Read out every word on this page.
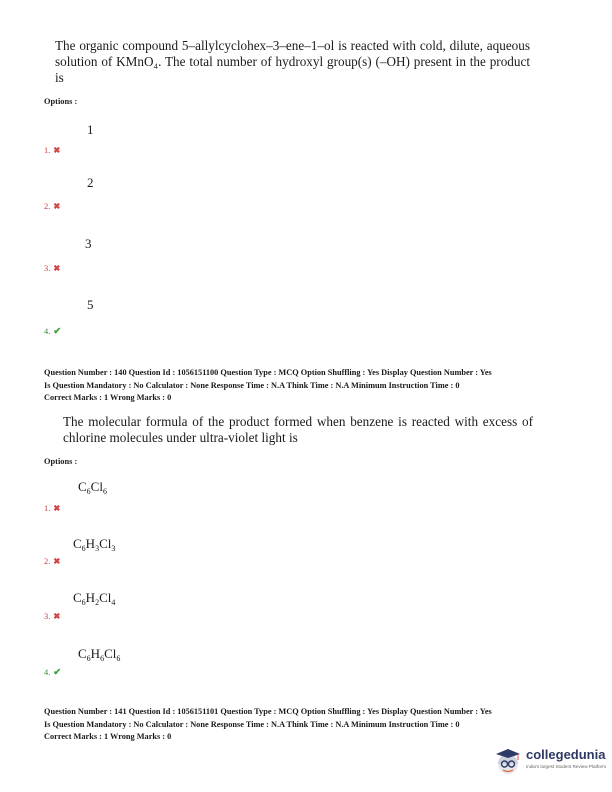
The organic compound 5–allylcyclohex–3–ene–1–ol is reacted with cold, dilute, aqueous solution of KMnO₄. The total number of hydroxyl group(s) (–OH) present in the product is
Options :
1
1. ✖
2
2. ✖
3
3. ✖
5
4. ✔
Question Number : 140 Question Id : 1056151100 Question Type : MCQ Option Shuffling : Yes Display Question Number : Yes
Is Question Mandatory : No Calculator : None Response Time : N.A Think Time : N.A Minimum Instruction Time : 0
Correct Marks : 1 Wrong Marks : 0
The molecular formula of the product formed when benzene is reacted with excess of chlorine molecules under ultra-violet light is
Options :
$C_6Cl_6$
1. ✖
$C_6H_3Cl_3$
2. ✖
$C_6H_2Cl_4$
3. ✖
$C_6H_6Cl_6$
4. ✔
Question Number : 141 Question Id : 1056151101 Question Type : MCQ Option Shuffling : Yes Display Question Number : Yes
Is Question Mandatory : No Calculator : None Response Time : N.A Think Time : N.A Minimum Instruction Time : 0
Correct Marks : 1 Wrong Marks : 0
collegedunia
India's largest Student Review Platform
